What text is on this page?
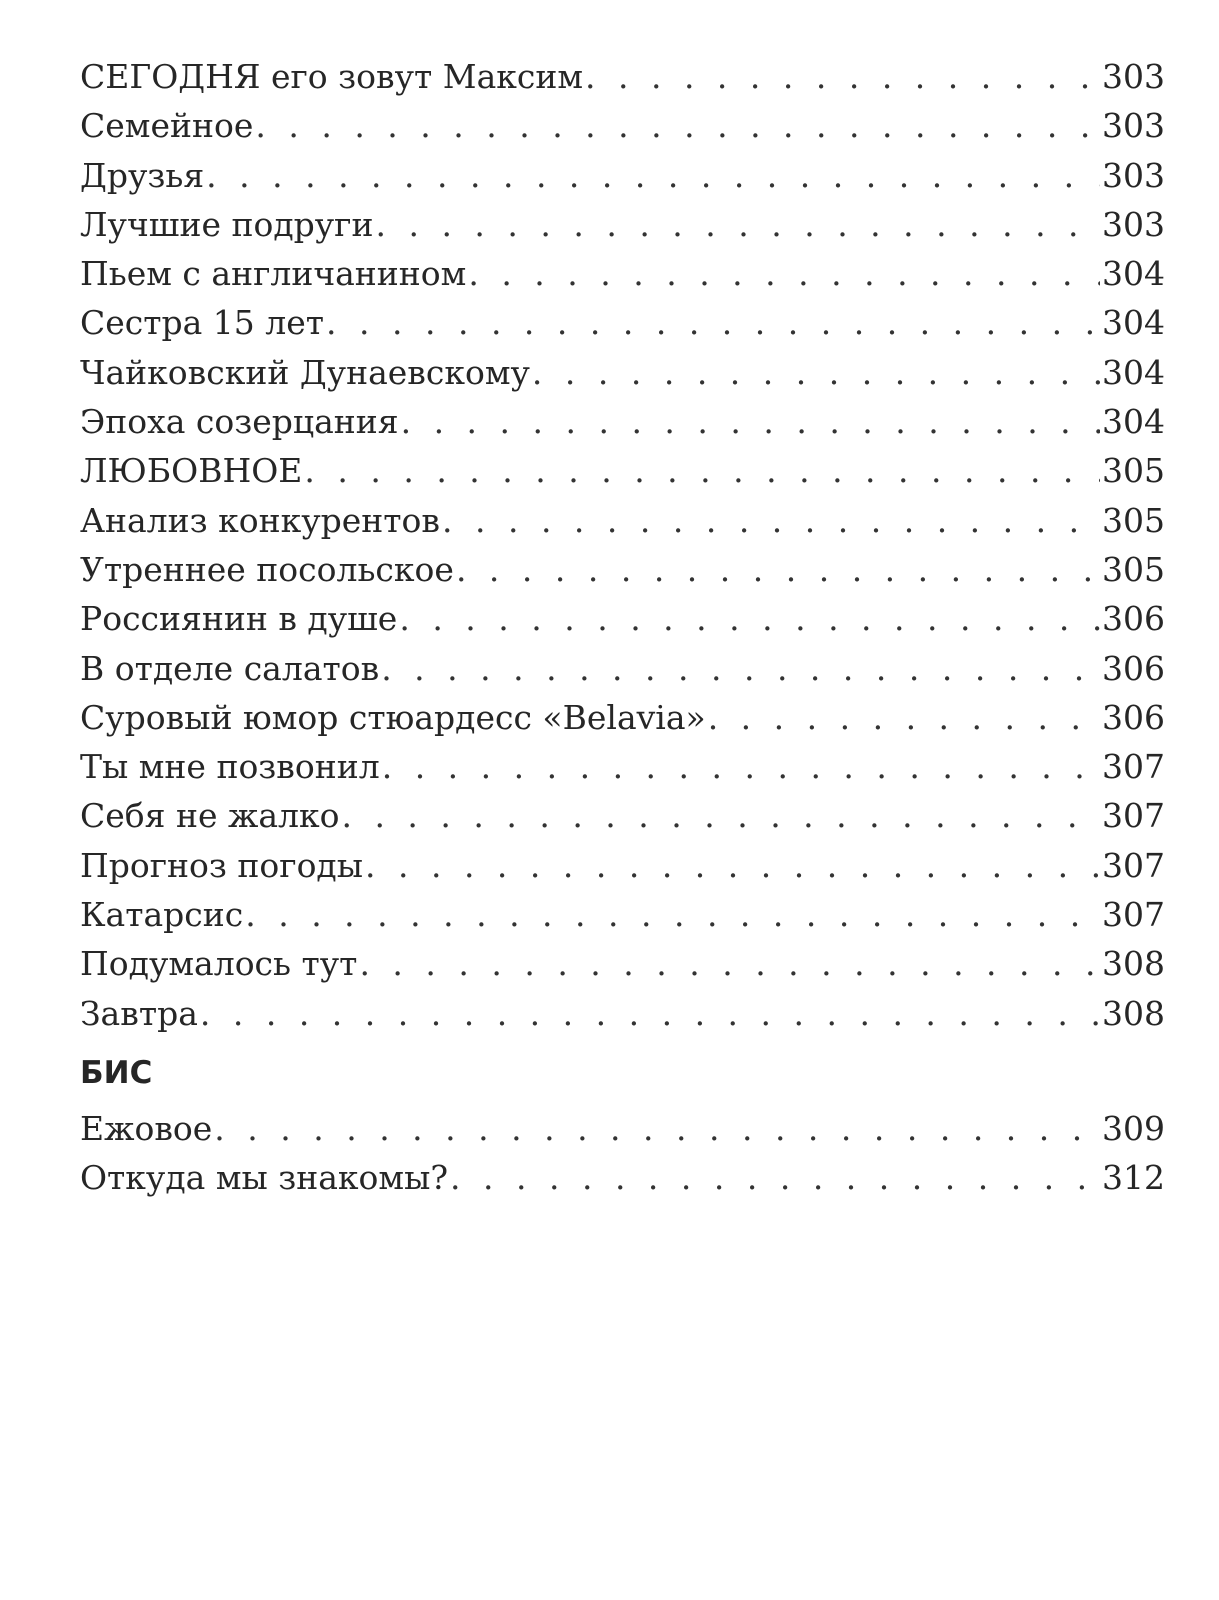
СЕГОДНЯ его зовут Максим . . .	303
Семейное . . .	303
Друзья . . .	303
Лучшие подруги . . .	303
Пьем с англичанином . . .	304
Сестра 15 лет . . .	304
Чайковский Дунаевскому . . .	304
Эпоха созерцания . . .	304
ЛЮБОВНОЕ . . .	305
Анализ конкурентов . . .	305
Утреннее посольское . . .	305
Россиянин в душе . . .	306
В отделе салатов . . .	306
Суровый юмор стюардесс «Belavia» . . .	306
Ты мне позвонил . . .	307
Себя не жалко . . .	307
Прогноз погоды . . .	307
Катарсис . . .	307
Подумалось тут . . .	308
Завтра . . .	308
БИС
Ежовое . . .	309
Откуда мы знакомы? . . .	312
